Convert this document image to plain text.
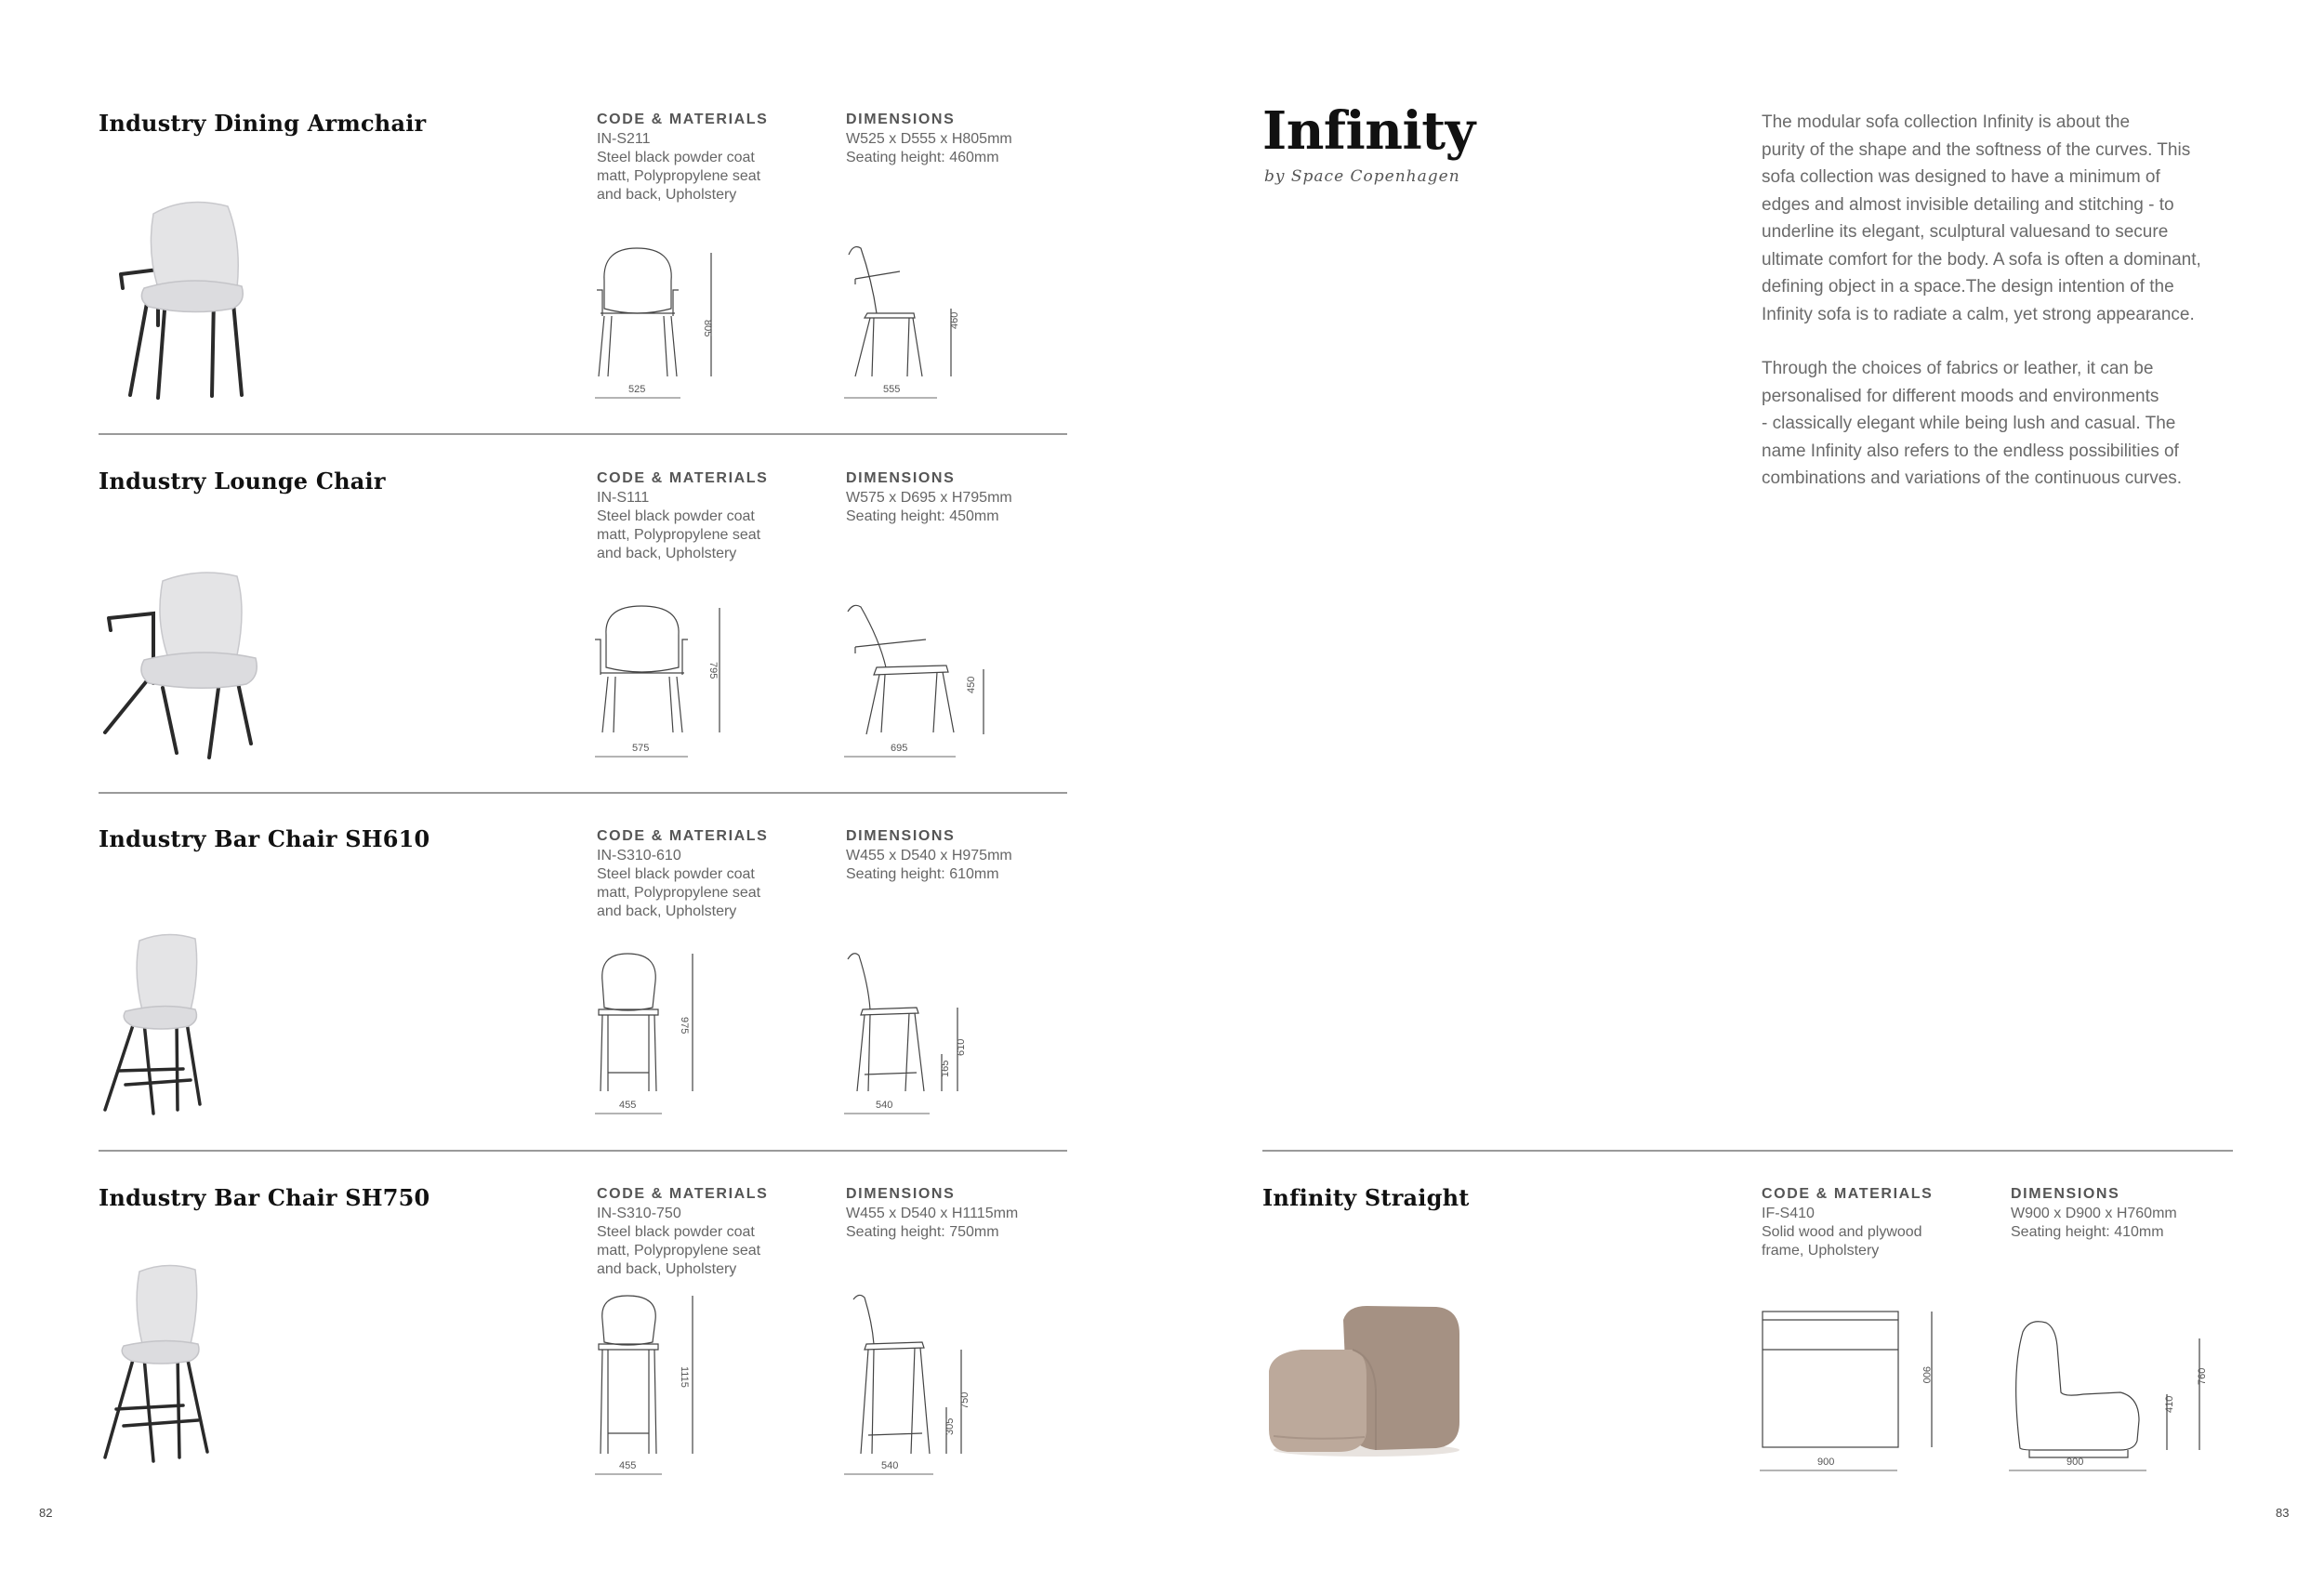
Industry Dining Armchair	CODE & MATERIALS
IN-S211
Steel black powder coat
matt, Polypropylene seat
and back, Upholstery
DIMENSIONS
W525 x D555 x H805mm
Seating height: 460mm
805
525
460
555
Industry Lounge Chair	CODE & MATERIALS
IN-S111
Steel black powder coat
matt, Polypropylene seat
and back, Upholstery
DIMENSIONS
W575 x D695 x H795mm
Seating height: 450mm
795
575
450
695
Industry Bar Chair SH610	CODE & MATERIALS
IN-S310-610
Steel black powder coat
matt, Polypropylene seat
and back, Upholstery
DIMENSIONS
W455 x D540 x H975mm
Seating height: 610mm
975
455
165
610
540
Industry Bar Chair SH750	CODE & MATERIALS
IN-S310-750
Steel black powder coat
matt, Polypropylene seat
and back, Upholstery
DIMENSIONS
W455 x D540 x H1115mm
Seating height: 750mm
1115
455
305
750
540
82
Infinity
by Space Copenhagen
The modular sofa collection Infinity is about the
purity of the shape and the softness of the curves. This
sofa collection was designed to have a minimum of
edges and almost invisible detailing and stitching - to
underline its elegant, sculptural valuesand to secure
ultimate comfort for the body. A sofa is often a dominant,
defining object in a space.The design intention of the
Infinity sofa is to radiate a calm, yet strong appearance.
Through the choices of fabrics or leather, it can be
personalised for different moods and environments
- classically elegant while being lush and casual. The
name Infinity also refers to the endless possibilities of
combinations and variations of the continuous curves.
Infinity Straight	CODE & MATERIALS
IF-S410
Solid wood and plywood
frame, Upholstery
DIMENSIONS
W900 x D900 x H760mm
Seating height: 410mm
900
900
410
760
900
83
